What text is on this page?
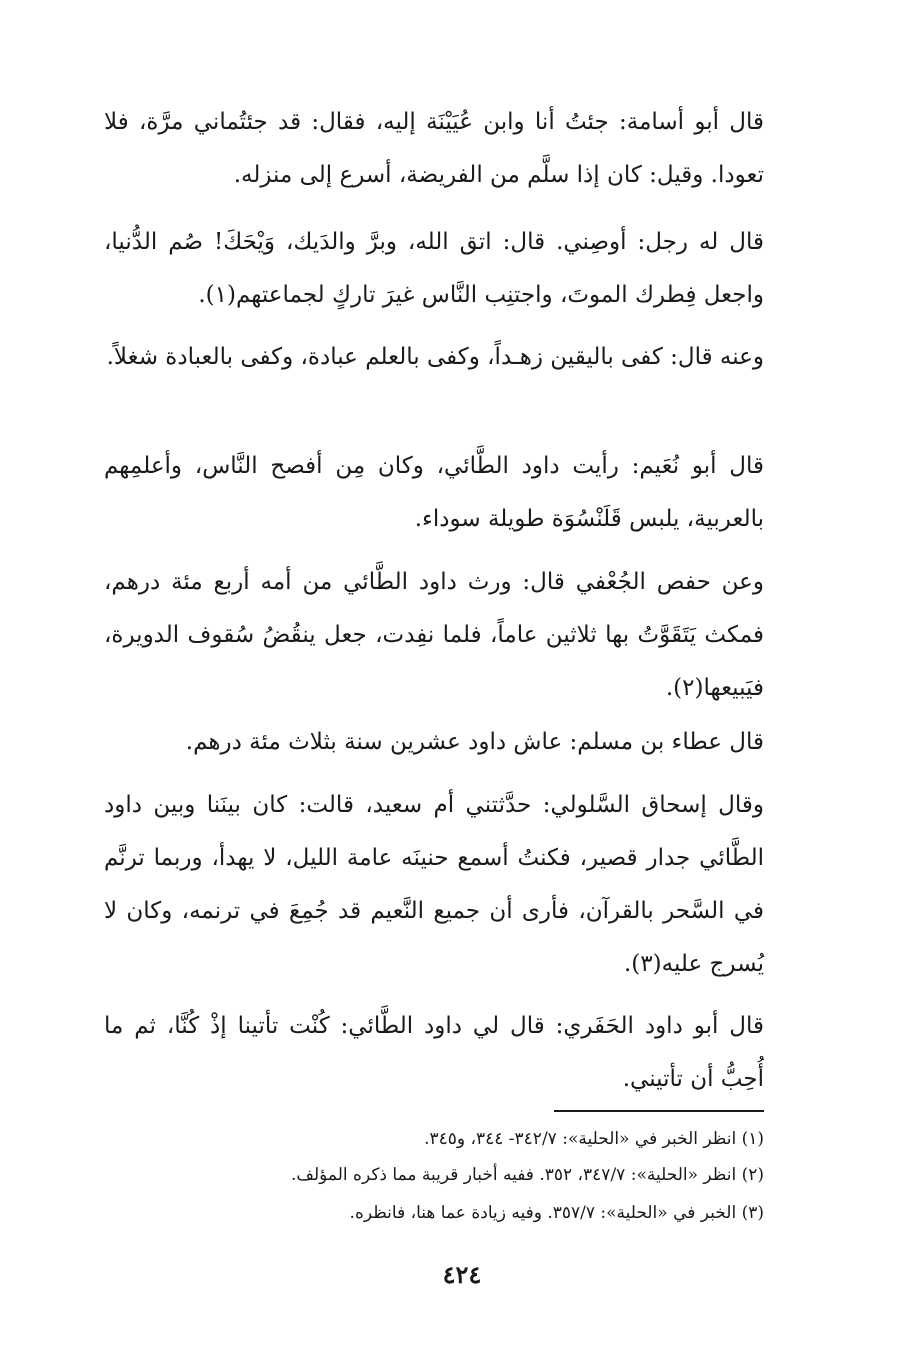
قال أبو أسامة: جئتُ أنا وابن عُيَيْنَة إليه، فقال: قد جئتُماني مرَّة، فلا تعودا. وقيل: كان إذا سلَّم من الفريضة، أسرع إلى منزله.

قال له رجل: أوصِني. قال: اتق الله، وبرَّ والدَيك، وَيْحَكَ! صُم الدُّنيا، واجعل فِطرك الموتَ، واجتنِب النَّاس غيرَ تاركٍ لجماعتهم(١).

وعنه قال: كفى باليقين زهـداً، وكفى بالعلم عبادة، وكفى بالعبادة شغلاً.

قال أبو نُعَيم: رأيت داود الطَّائي، وكان مِن أفصح النَّاس، وأعلمِهم بالعربية، يلبس قَلَنْسُوَة طويلة سوداء.

وعن حفص الجُعْفي قال: ورث داود الطَّائي من أمه أربع مئة درهم، فمكث يَتَقَوَّتُ بها ثلاثين عاماً، فلما نفِدت، جعل ينقُضُ سُقوف الدويرة، فيَبيعها(٢).

قال عطاء بن مسلم: عاش داود عشرين سنة بثلاث مئة درهم.

وقال إسحاق السَّلولي: حدَّثتني أم سعيد، قالت: كان بينَنا وبين داود الطَّائي جدار قصير، فكنتُ أسمع حنينَه عامة الليل، لا يهدأ، وربما ترنَّم في السَّحر بالقرآن، فأرى أن جميع النَّعيم قد جُمِعَ في ترنمه، وكان لا يُسرج عليه(٣).

قال أبو داود الحَفَري: قال لي داود الطَّائي: كُنْت تأتينا إذْ كُنَّا، ثم ما أُحِبُّ أن تأتيني.

(١) انظر الخبر في «الحلية»: ٣٤٢/٧- ٣٤٤، و٣٤٥.

(٢) انظر «الحلية»: ٣٤٧/٧، ٣٥٢. ففيه أخبار قريبة مما ذكره المؤلف.

(٣) الخبر في «الحلية»: ٣٥٧/٧. وفيه زيادة عما هنا، فانظره.

٤٢٤
